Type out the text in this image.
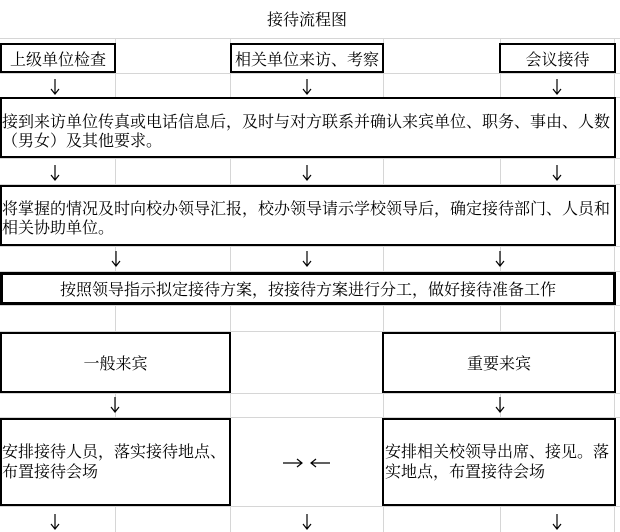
接待流程图
上级单位检查	相关单位来访、考察	会议接待
接到来访单位传真或电话信息后，及时与对方联系并确认来宾单位、职务、事由、人数
（男女）及其他要求。
将掌握的情况及时向校办领导汇报，校办领导请示学校领导后，确定接待部门、人员和
相关协助单位。
按照领导指示拟定接待方案，按接待方案进行分工，做好接待准备工作
一般来宾	重要来宾
安排接待人员，落实接待地点、
布置接待会场
安排相关校领导出席、接见。落
实地点，布置接待会场
